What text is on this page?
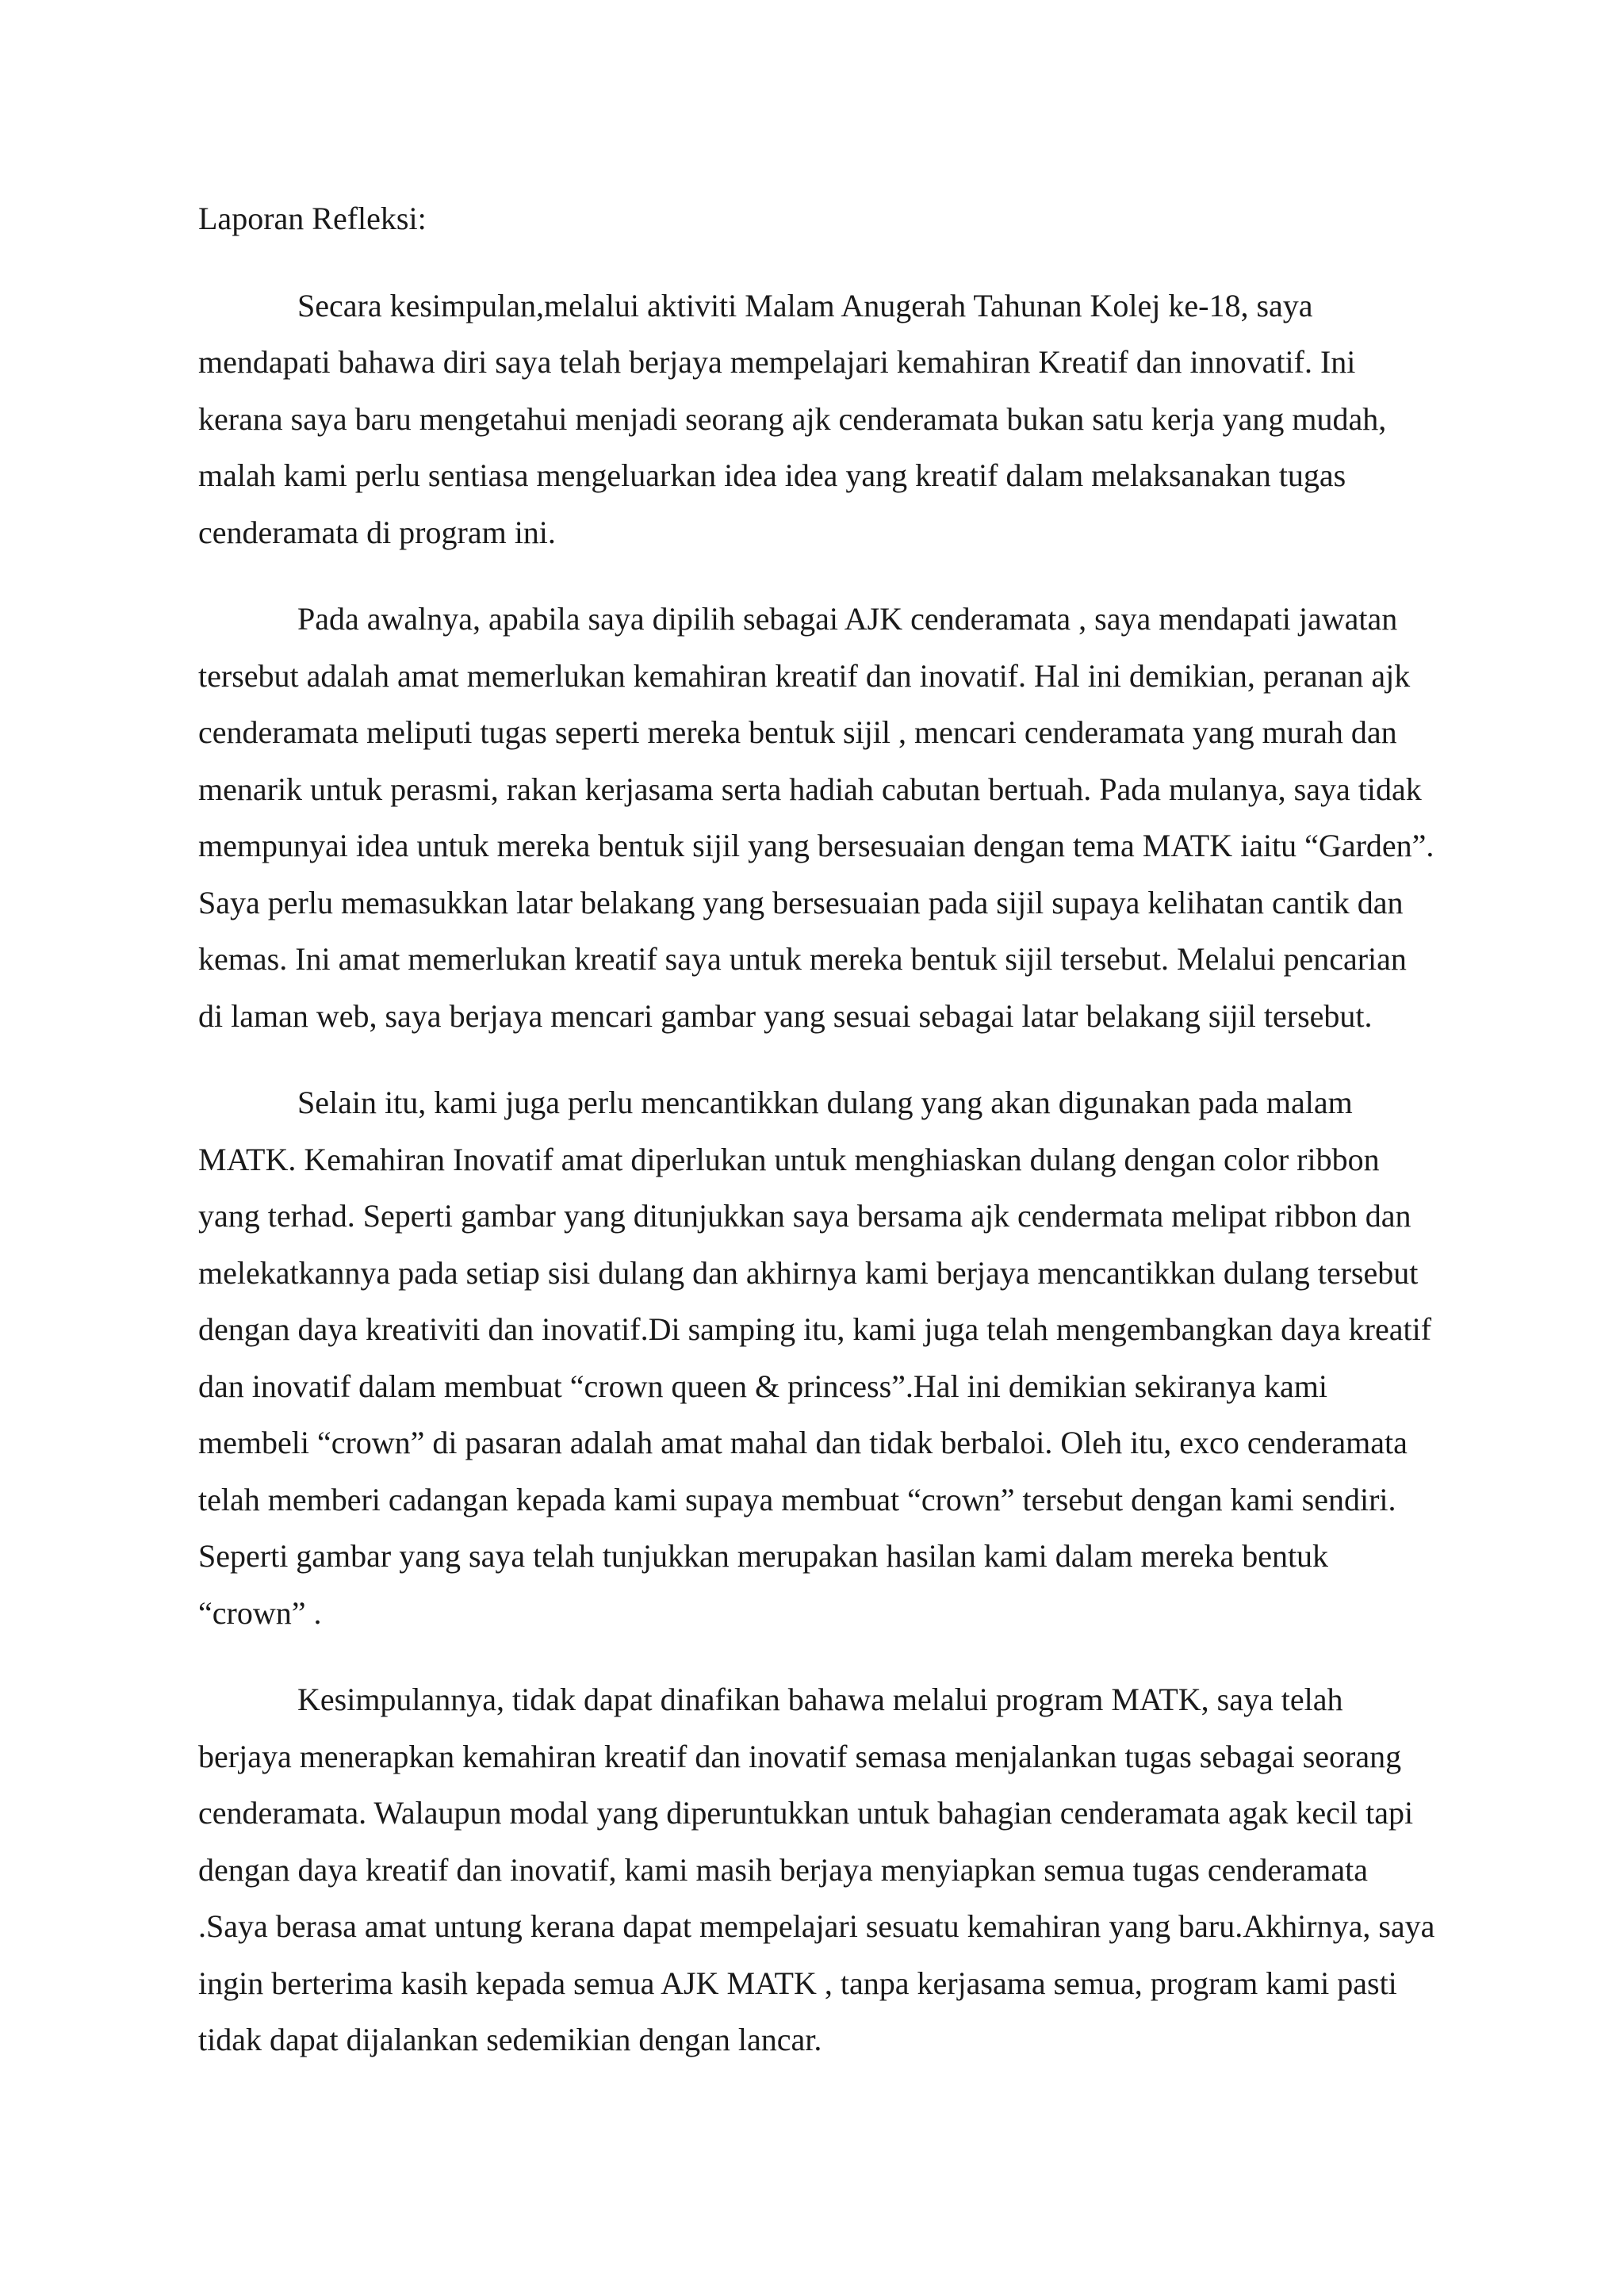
Laporan Refleksi:

Secara kesimpulan,melalui aktiviti Malam Anugerah Tahunan Kolej ke-18, saya mendapati bahawa diri saya telah berjaya mempelajari kemahiran Kreatif dan innovatif. Ini kerana saya baru mengetahui menjadi seorang ajk cenderamata bukan satu kerja yang mudah, malah kami perlu sentiasa mengeluarkan idea idea yang kreatif dalam melaksanakan tugas cenderamata di program ini.

Pada awalnya, apabila saya dipilih sebagai AJK cenderamata , saya mendapati jawatan tersebut adalah amat memerlukan kemahiran kreatif dan inovatif. Hal ini demikian, peranan ajk cenderamata meliputi tugas seperti mereka bentuk sijil , mencari cenderamata yang murah dan menarik untuk perasmi, rakan kerjasama serta hadiah cabutan bertuah. Pada mulanya, saya tidak mempunyai idea untuk mereka bentuk sijil yang bersesuaian dengan tema MATK iaitu “Garden”. Saya perlu memasukkan latar belakang yang bersesuaian pada sijil supaya kelihatan cantik dan kemas. Ini amat memerlukan kreatif saya untuk mereka bentuk sijil tersebut. Melalui pencarian di laman web, saya berjaya mencari gambar yang sesuai sebagai latar belakang sijil tersebut.

Selain itu, kami juga perlu mencantikkan dulang yang akan digunakan pada malam MATK. Kemahiran Inovatif amat diperlukan untuk menghiaskan dulang dengan color ribbon yang terhad. Seperti gambar yang ditunjukkan saya bersama ajk cendermata melipat ribbon dan melekatkannya pada setiap sisi dulang dan akhirnya kami berjaya mencantikkan dulang tersebut dengan daya kreativiti dan inovatif.Di samping itu, kami juga telah mengembangkan daya kreatif dan inovatif dalam membuat “crown queen & princess”.Hal ini demikian sekiranya kami membeli “crown” di pasaran adalah amat mahal dan tidak berbaloi. Oleh itu, exco cenderamata telah memberi cadangan kepada kami supaya membuat “crown” tersebut dengan kami sendiri. Seperti gambar yang saya telah tunjukkan merupakan hasilan kami dalam mereka bentuk “crown” .

Kesimpulannya, tidak dapat dinafikan bahawa melalui program MATK, saya telah berjaya menerapkan kemahiran kreatif dan inovatif semasa menjalankan tugas sebagai seorang cenderamata. Walaupun modal yang diperuntukkan untuk bahagian cenderamata agak kecil tapi dengan daya kreatif dan inovatif, kami masih berjaya menyiapkan semua tugas cenderamata .Saya berasa amat untung kerana dapat mempelajari sesuatu kemahiran yang baru.Akhirnya, saya ingin berterima kasih kepada semua AJK MATK , tanpa kerjasama semua, program kami pasti tidak dapat dijalankan sedemikian dengan lancar.
